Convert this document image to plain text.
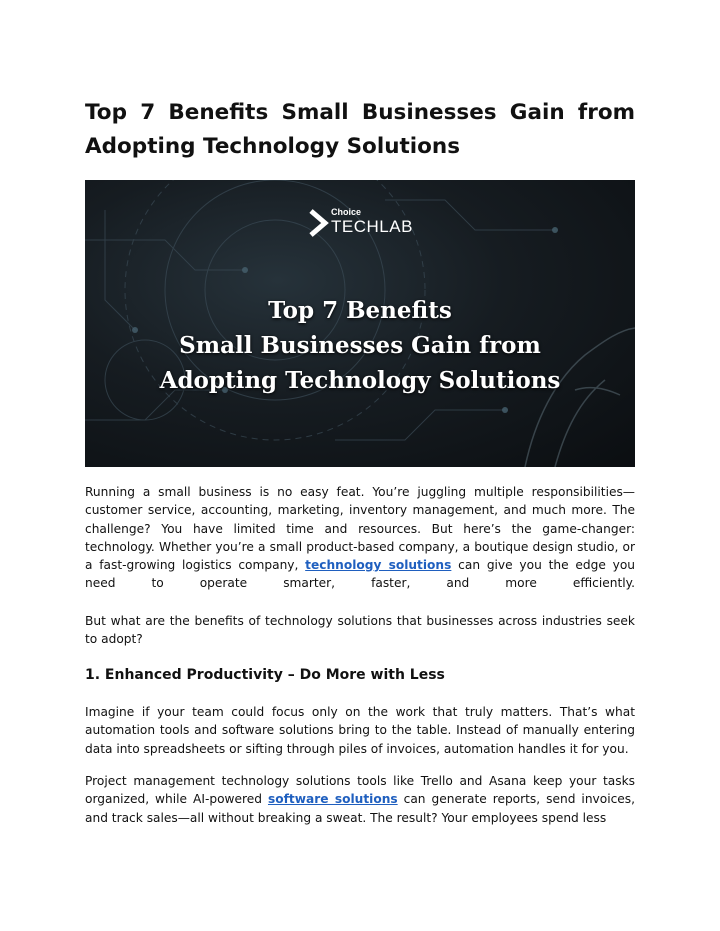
Top 7 Benefits Small Businesses Gain from Adopting Technology Solutions
Choice
TECHLAB
Top 7 Benefits
Small Businesses Gain from
Adopting Technology Solutions

Running a small business is no easy feat. You’re juggling multiple responsibilities—customer service, accounting, marketing, inventory management, and much more. The challenge? You have limited time and resources. But here’s the game-changer: technology. Whether you’re a small product-based company, a boutique design studio, or a fast-growing logistics company, technology solutions can give you the edge you need to operate smarter, faster, and more efficiently.

But what are the benefits of technology solutions that businesses across industries seek to adopt?

1. Enhanced Productivity – Do More with Less

Imagine if your team could focus only on the work that truly matters. That’s what automation tools and software solutions bring to the table. Instead of manually entering data into spreadsheets or sifting through piles of invoices, automation handles it for you.

Project management technology solutions tools like Trello and Asana keep your tasks organized, while AI-powered software solutions can generate reports, send invoices, and track sales—all without breaking a sweat. The result? Your employees spend less
